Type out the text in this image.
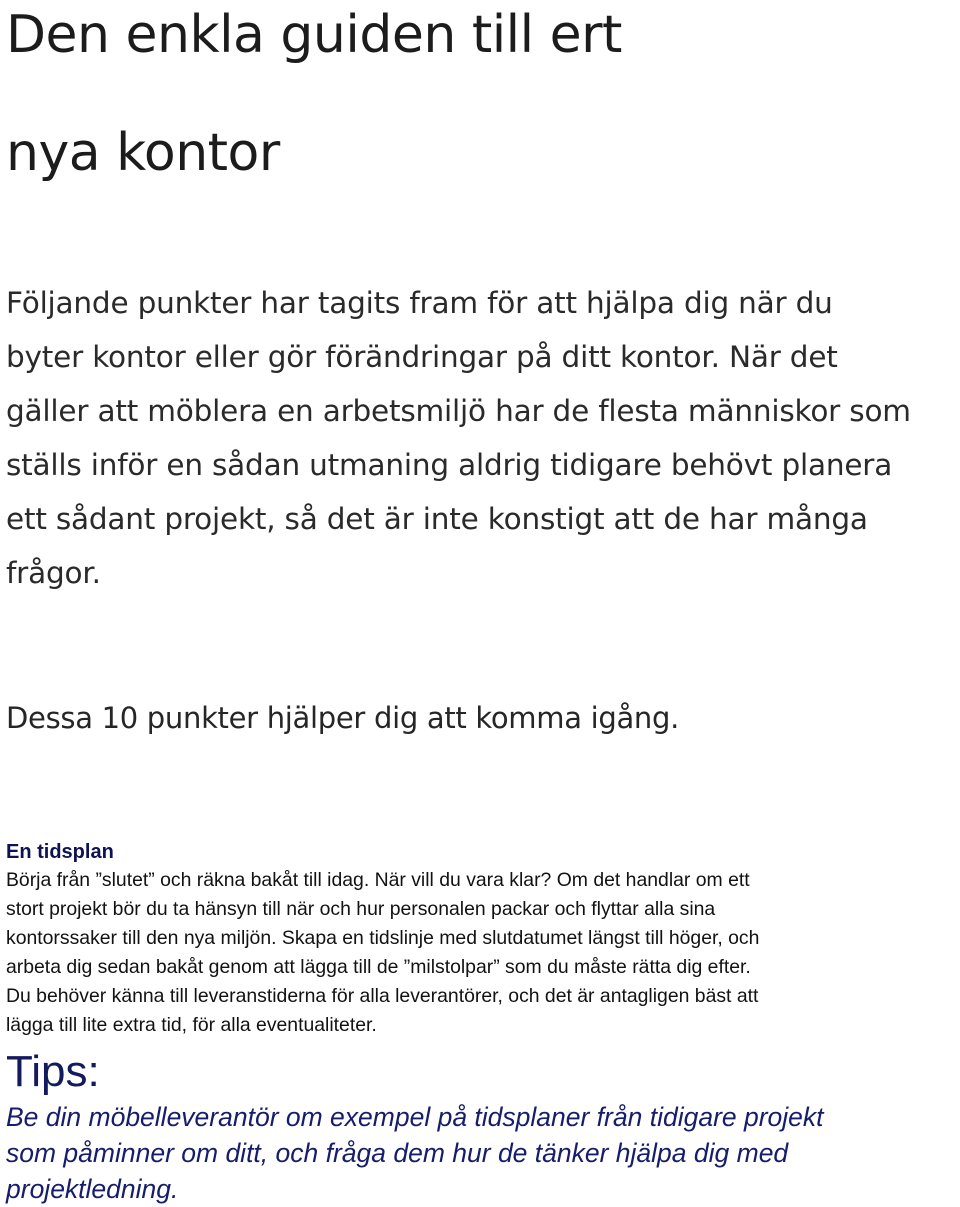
Den enkla guiden till ert
nya kontor

Följande punkter har tagits fram för att hjälpa dig när du
byter kontor eller gör förändringar på ditt kontor. När det
gäller att möblera en arbetsmiljö har de flesta människor som
ställs inför en sådan utmaning aldrig tidigare behövt planera
ett sådant projekt, så det är inte konstigt att de har många
frågor.

Dessa 10 punkter hjälper dig att komma igång.

En tidsplan

Börja från ”slutet” och räkna bakåt till idag. När vill du vara klar? Om det handlar om ett
stort projekt bör du ta hänsyn till när och hur personalen packar och flyttar alla sina
kontorssaker till den nya miljön. Skapa en tidslinje med slutdatumet längst till höger, och
arbeta dig sedan bakåt genom att lägga till de ”milstolpar” som du måste rätta dig efter.
Du behöver känna till leveranstiderna för alla leverantörer, och det är antagligen bäst att
lägga till lite extra tid, för alla eventualiteter.

Tips:

Be din möbelleverantör om exempel på tidsplaner från tidigare projekt
som påminner om ditt, och fråga dem hur de tänker hjälpa dig med
projektledning.
